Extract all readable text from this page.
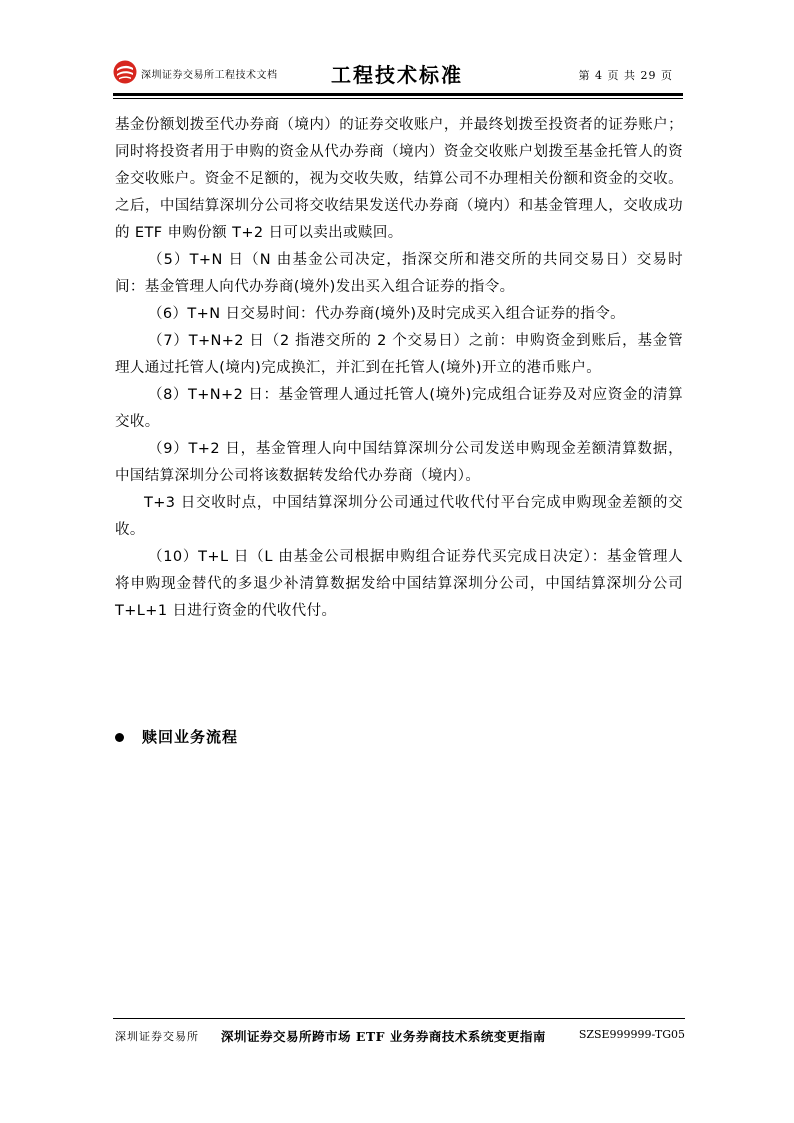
深圳证券交易所工程技术文档	工程技术标准	第 4 页 共 29 页

基金份额划拨至代办券商（境内）的证券交收账户，并最终划拨至投资者的证券账户；同时将投资者用于申购的资金从代办券商（境内）资金交收账户划拨至基金托管人的资金交收账户。资金不足额的，视为交收失败，结算公司不办理相关份额和资金的交收。之后，中国结算深圳分公司将交收结果发送代办券商（境内）和基金管理人，交收成功的 ETF 申购份额 T+2 日可以卖出或赎回。

（5）T+N 日（N 由基金公司决定，指深交所和港交所的共同交易日）交易时间：基金管理人向代办券商(境外)发出买入组合证券的指令。

（6）T+N 日交易时间：代办券商(境外)及时完成买入组合证券的指令。

（7）T+N+2 日（2 指港交所的 2 个交易日）之前：申购资金到账后，基金管理人通过托管人(境内)完成换汇，并汇到在托管人(境外)开立的港币账户。

（8）T+N+2 日：基金管理人通过托管人(境外)完成组合证券及对应资金的清算交收。

（9）T+2 日，基金管理人向中国结算深圳分公司发送申购现金差额清算数据，中国结算深圳分公司将该数据转发给代办券商（境内）。

T+3 日交收时点，中国结算深圳分公司通过代收代付平台完成申购现金差额的交收。

（10）T+L 日（L 由基金公司根据申购组合证券代买完成日决定）：基金管理人将申购现金替代的多退少补清算数据发给中国结算深圳分公司，中国结算深圳分公司 T+L+1 日进行资金的代收代付。

赎回业务流程
深圳证券交易所 深圳证券交易所跨市场 ETF 业务券商技术系统变更指南	SZSE999999-TG05
